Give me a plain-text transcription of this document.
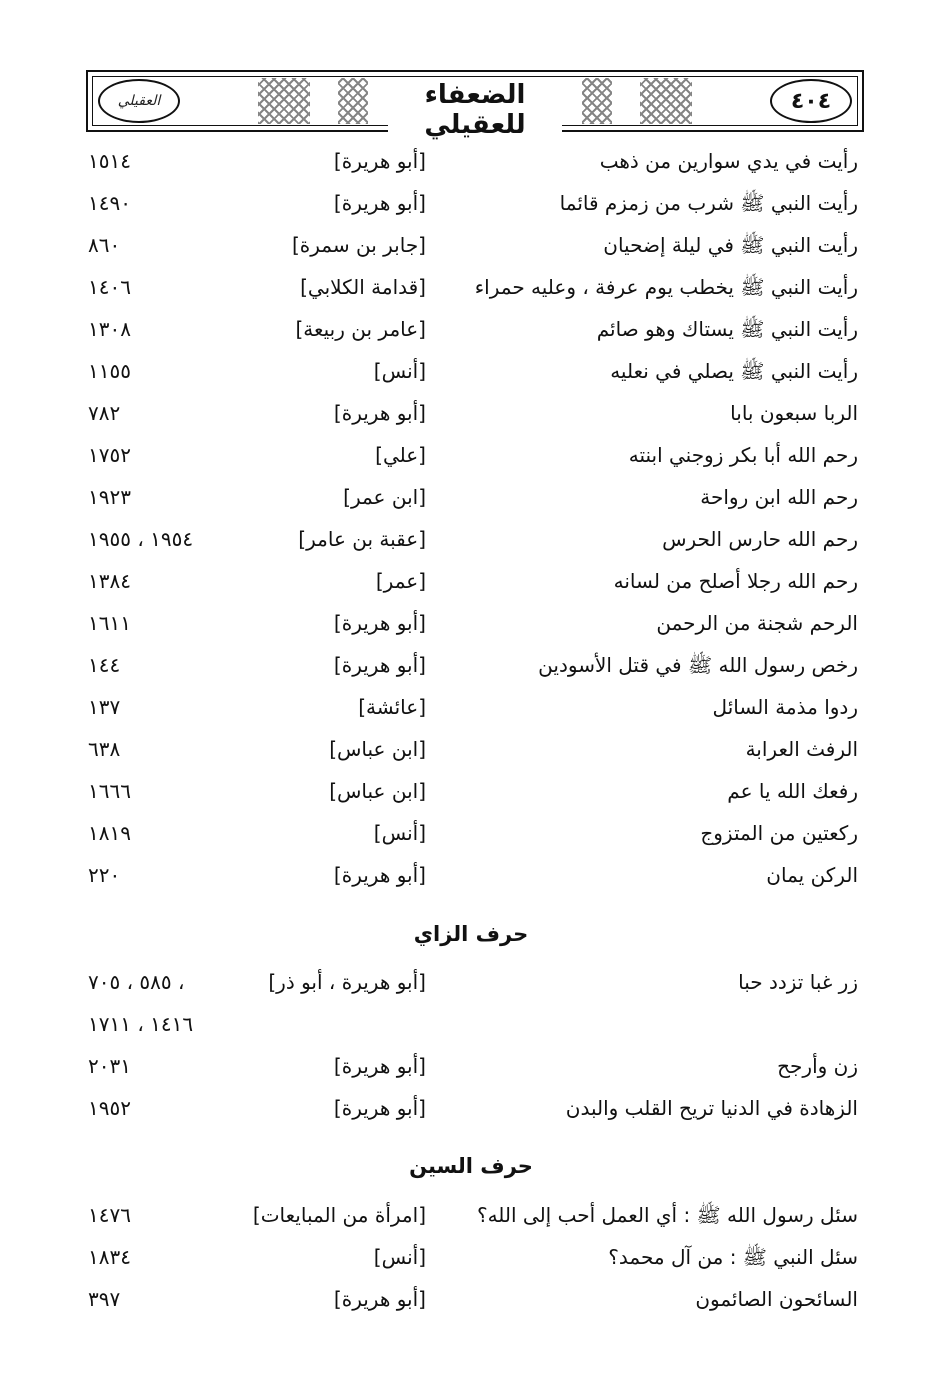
العقيلي	الضعفاء للعقيلي
٤٠٤
رأيت في يدي سوارين من ذهب
[أبو هريرة]
١٥١٤
رأيت النبي ﷺ شرب من زمزم قائما
[أبو هريرة]
١٤٩٠
رأيت النبي ﷺ في ليلة إضحيان
[جابر بن سمرة]
٨٦٠
رأيت النبي ﷺ يخطب يوم عرفة ، وعليه حمراء
[قدامة الكلابي]
١٤٠٦
رأيت النبي ﷺ يستاك وهو صائم
[عامر بن ربيعة]
١٣٠٨
رأيت النبي ﷺ يصلي في نعليه
[أنس]
١١٥٥
الربا سبعون بابا
[أبو هريرة]
٧٨٢
رحم الله أبا بكر زوجني ابنته
[علي]
١٧٥٢
رحم الله ابن رواحة
[ابن عمر]
١٩٢٣
رحم الله حارس الحرس
[عقبة بن عامر]
١٩٥٤ ، ١٩٥٥
رحم الله رجلا أصلح من لسانه
[عمر]
١٣٨٤
الرحم شجنة من الرحمن
[أبو هريرة]
١٦١١
رخص رسول الله ﷺ في قتل الأسودين
[أبو هريرة]
١٤٤
ردوا مذمة السائل
[عائشة]
١٣٧
الرفث العرابة
[ابن عباس]
٦٣٨
رفعك الله يا عم
[ابن عباس]
١٦٦٦
ركعتين من المتزوج
[أنس]
١٨١٩
الركن يمان
[أبو هريرة]
٢٢٠
حرف الزاي
زر غبا تزدد حبا
[أبو هريرة ، أبو ذر]
٥٨٥ ، ٧٠٥ ،
١٤١٦ ، ١٧١١
زن وأرجح
[أبو هريرة]
٢٠٣١
الزهادة في الدنيا تريح القلب والبدن
[أبو هريرة]
١٩٥٢
حرف السين
سئل رسول الله ﷺ : أي العمل أحب إلى الله؟
[امرأة من المبايعات]
١٤٧٦
سئل النبي ﷺ : من آل محمد؟
[أنس]
١٨٣٤
السائحون الصائمون
[أبو هريرة]
٣٩٧
